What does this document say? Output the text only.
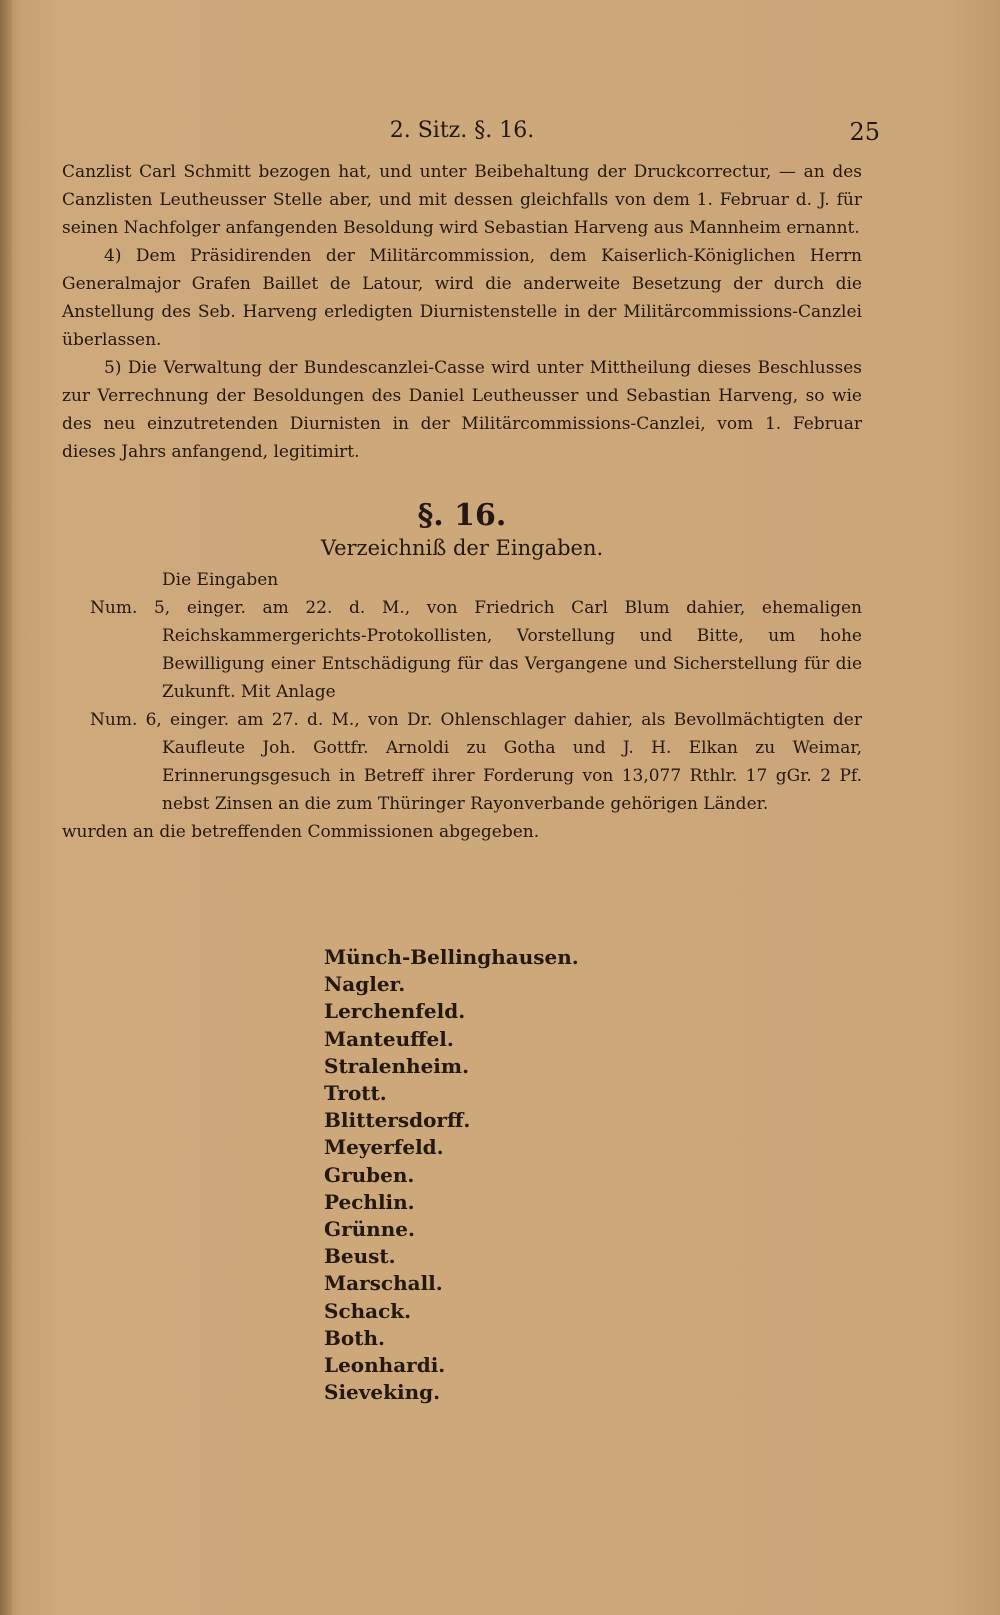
2. Sitz. §. 16.	25

Canzlist Carl Schmitt bezogen hat, und unter Beibehaltung der Druckcorrectur, — an des Canzlisten Leutheusser Stelle aber, und mit dessen gleichfalls von dem 1. Februar d. J. für seinen Nachfolger anfangenden Besoldung wird Sebastian Harveng aus Mannheim ernannt.

4) Dem Präsidirenden der Militärcommission, dem Kaiserlich-Königlichen Herrn Generalmajor Grafen Baillet de Latour, wird die anderweite Besetzung der durch die Anstellung des Seb. Harveng erledigten Diurnistenstelle in der Militärcommissions-Canzlei überlassen.

5) Die Verwaltung der Bundescanzlei-Casse wird unter Mittheilung dieses Beschlusses zur Verrechnung der Besoldungen des Daniel Leutheusser und Sebastian Harveng, so wie des neu einzutretenden Diurnisten in der Militärcommissions-Canzlei, vom 1. Februar dieses Jahrs anfangend, legitimirt.

§. 16.
Verzeichniß der Eingaben.

Die Eingaben

Num. 5, einger. am 22. d. M., von Friedrich Carl Blum dahier, ehemaligen Reichskammergerichts-Protokollisten, Vorstellung und Bitte, um hohe Bewilligung einer Entschädigung für das Vergangene und Sicherstellung für die Zukunft. Mit Anlage

Num. 6, einger. am 27. d. M., von Dr. Ohlenschlager dahier, als Bevollmächtigten der Kaufleute Joh. Gottfr. Arnoldi zu Gotha und J. H. Elkan zu Weimar, Erinnerungsgesuch in Betreff ihrer Forderung von 13,077 Rthlr. 17 gGr. 2 Pf. nebst Zinsen an die zum Thüringer Rayonverbande gehörigen Länder.

wurden an die betreffenden Commissionen abgegeben.

Münch-Bellinghausen.
Nagler.
Lerchenfeld.
Manteuffel.
Stralenheim.
Trott.
Blittersdorff.
Meyerfeld.
Gruben.
Pechlin.
Grünne.
Beust.
Marschall.
Schack.
Both.
Leonhardi.
Sieveking.
